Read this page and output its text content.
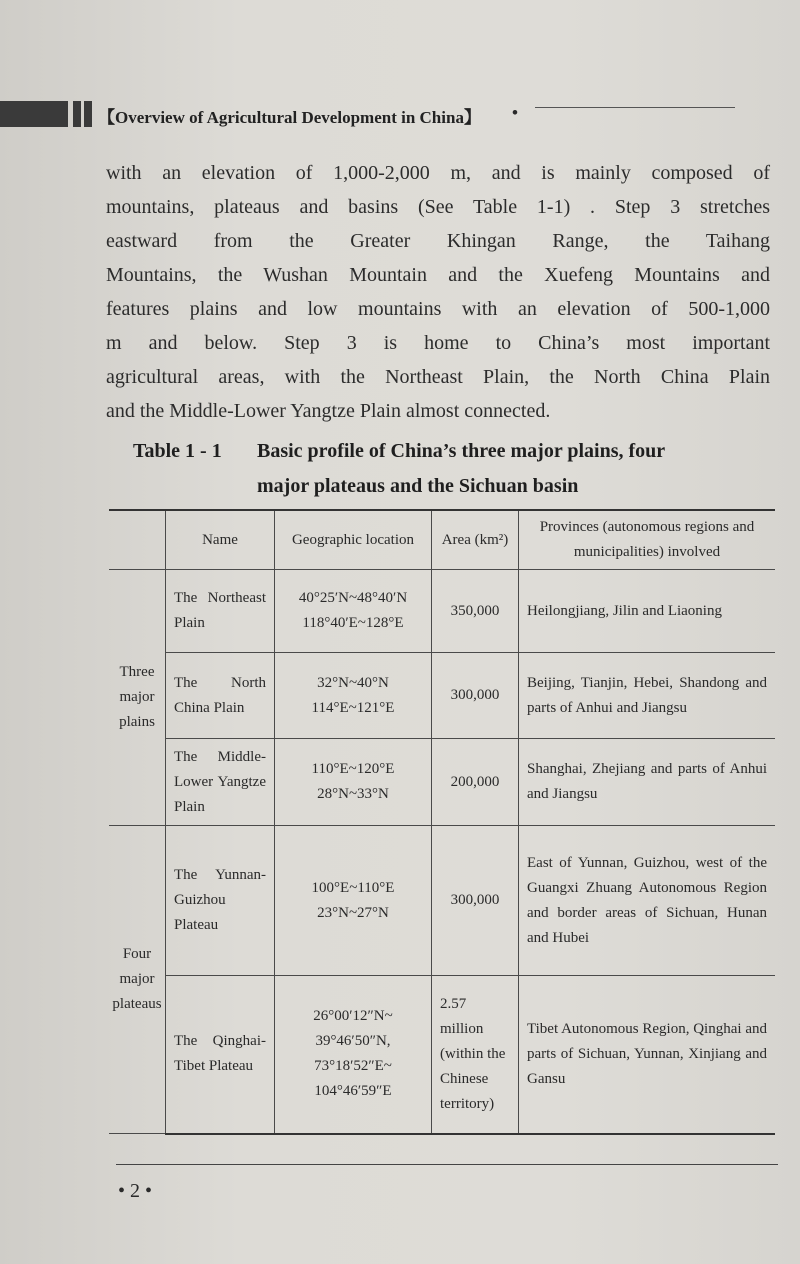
【Overview of Agricultural Development in China】 •
with an elevation of 1,000-2,000 m, and is mainly composed of
mountains, plateaus and basins (See Table 1-1) . Step 3 stretches
eastward from the Greater Khingan Range, the Taihang
Mountains, the Wushan Mountain and the Xuefeng Mountains and
features plains and low mountains with an elevation of 500-1,000
m and below. Step 3 is home to China’s most important
agricultural areas, with the Northeast Plain, the North China Plain
and the Middle-Lower Yangtze Plain almost connected.
Table 1 - 1 Basic profile of China’s three major plains, four
major plateaus and the Sichuan basin
	Name	Geographic location	Area (km²)	Provinces (autonomous regions and municipalities) involved
Three major plains	The Northeast Plain	40°25′N~48°40′N
118°40′E~128°E	350,000	Heilongjiang, Jilin and Liaoning
	The North China Plain	32°N~40°N
114°E~121°E	300,000	Beijing, Tianjin, Hebei, Shandong and parts of Anhui and Jiangsu
	The Middle-Lower Yangtze Plain	110°E~120°E
28°N~33°N	200,000	Shanghai, Zhejiang and parts of Anhui and Jiangsu
Four major plateaus	The Yunnan-Guizhou Plateau	100°E~110°E
23°N~27°N	300,000	East of Yunnan, Guizhou, west of the Guangxi Zhuang Autonomous Region and border areas of Sichuan, Hunan and Hubei
	The Qinghai-Tibet Plateau	26°00′12″N~
39°46′50″N,
73°18′52″E~
104°46′59″E	2.57 million (within the Chinese territory)	Tibet Autonomous Region, Qinghai and parts of Sichuan, Yunnan, Xinjiang and Gansu
• 2 •
